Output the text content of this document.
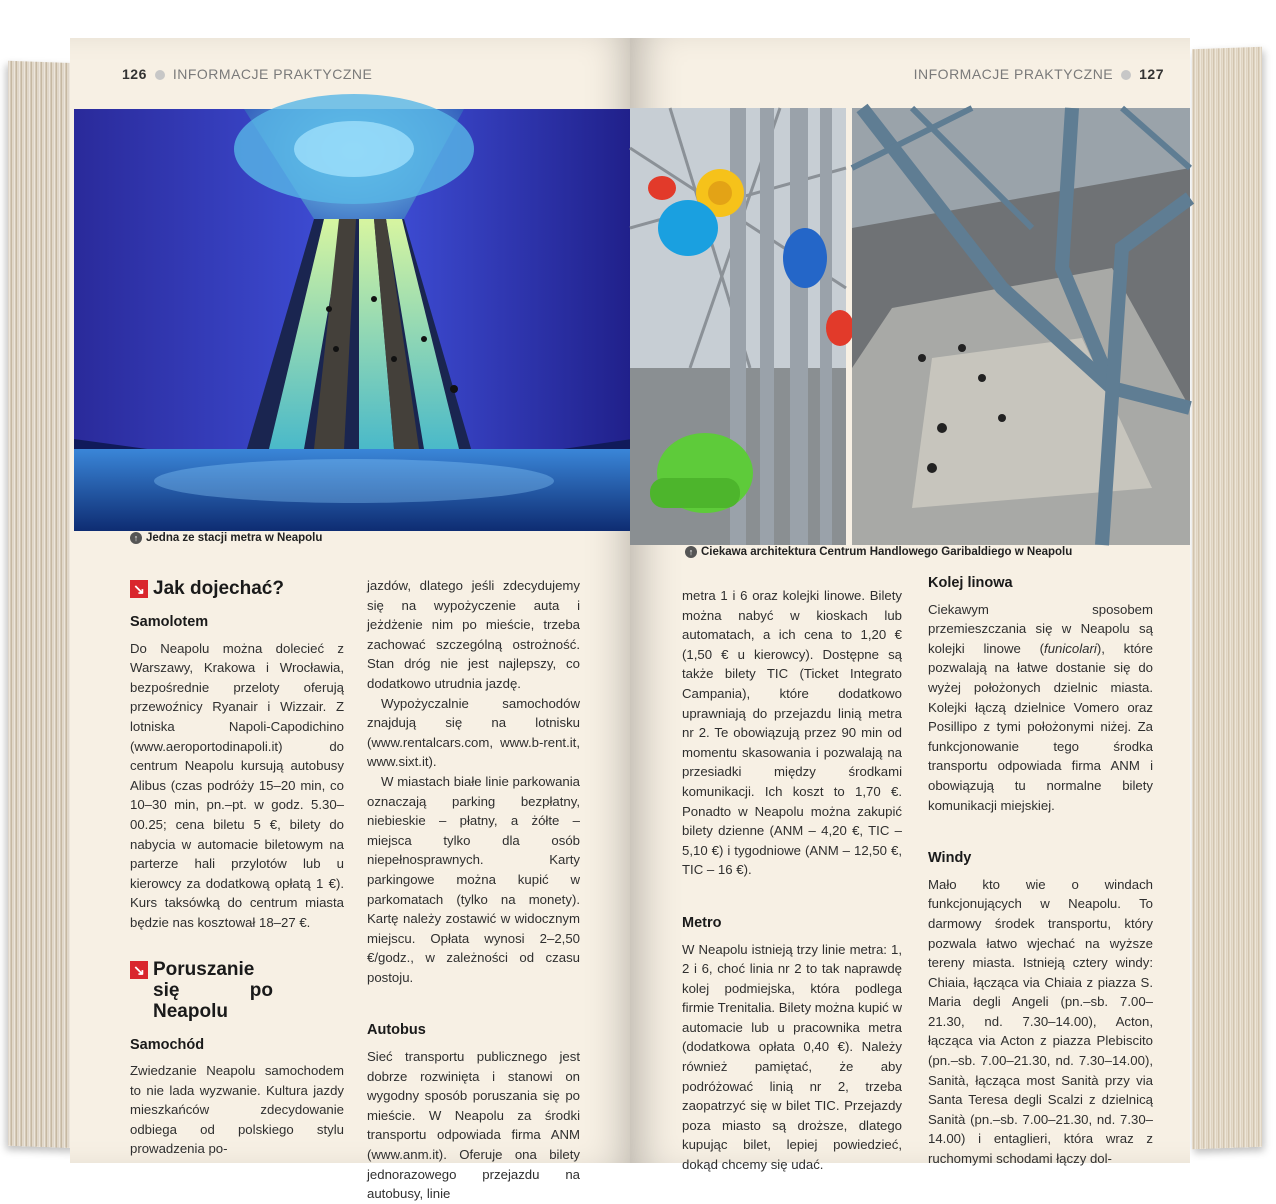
126 INFORMACJE PRAKTYCZNE
↑ Jedna ze stacji metra w Neapolu
↘ Jak dojechać?
Samolotem

Do Neapolu można dolecieć z Warszawy, Krakowa i Wrocławia, bezpośrednie przeloty oferują przewoźnicy Ryanair i Wizzair. Z lotniska Napoli-Capodichino (www.aeroportodinapoli.it) do centrum Neapolu kursują autobusy Alibus (czas podróży 15–20 min, co 10–30 min, pn.–pt. w godz. 5.30–00.25; cena biletu 5 €, bilety do nabycia w automacie biletowym na parterze hali przylotów lub u kierowcy za dodatkową opłatą 1 €). Kurs taksówką do centrum miasta będzie nas kosztował 18–27 €.

↘ Poruszanie się po Neapolu
Samochód

Zwiedzanie Neapolu samochodem to nie lada wyzwanie. Kultura jazdy mieszkańców zdecydowanie odbiega od polskiego stylu prowadzenia po-

jazdów, dlatego jeśli zdecydujemy się na wypożyczenie auta i jeżdżenie nim po mieście, trzeba zachować szczególną ostrożność. Stan dróg nie jest najlepszy, co dodatkowo utrudnia jazdę.

Wypożyczalnie samochodów znajdują się na lotnisku (www.rentalcars.com, www.b-rent.it, www.sixt.it).

W miastach białe linie parkowania oznaczają parking bezpłatny, niebieskie – płatny, a żółte – miejsca tylko dla osób niepełnosprawnych. Karty parkingowe można kupić w parkomatach (tylko na monety). Kartę należy zostawić w widocznym miejscu. Opłata wynosi 2–2,50 €/godz., w zależności od czasu postoju.

Autobus

Sieć transportu publicznego jest dobrze rozwinięta i stanowi on wygodny sposób poruszania się po mieście. W Neapolu za środki transportu odpowiada firma ANM (www.anm.it). Oferuje ona bilety jednorazowego przejazdu na autobusy, linie

INFORMACJE PRAKTYCZNE 127
↑ Ciekawa architektura Centrum Handlowego Garibaldiego w Neapolu

metra 1 i 6 oraz kolejki linowe. Bilety można nabyć w kioskach lub automatach, a ich cena to 1,20 € (1,50 € u kierowcy). Dostępne są także bilety TIC (Ticket Integrato Campania), które dodatkowo uprawniają do przejazdu linią metra nr 2. Te obowiązują przez 90 min od momentu skasowania i pozwalają na przesiadki między środkami komunikacji. Ich koszt to 1,70 €. Ponadto w Neapolu można zakupić bilety dzienne (ANM – 4,20 €, TIC – 5,10 €) i tygodniowe (ANM – 12,50 €, TIC – 16 €).

Metro

W Neapolu istnieją trzy linie metra: 1, 2 i 6, choć linia nr 2 to tak naprawdę kolej podmiejska, która podlega firmie Trenitalia. Bilety można kupić w automacie lub u pracownika metra (dodatkowa opłata 0,40 €). Należy również pamiętać, że aby podróżować linią nr 2, trzeba zaopatrzyć się w bilet TIC. Przejazdy poza miasto są droższe, dlatego kupując bilet, lepiej powiedzieć, dokąd chcemy się udać.

Kolej linowa

Ciekawym sposobem przemieszczania się w Neapolu są kolejki linowe (funicolari), które pozwalają na łatwe dostanie się do wyżej położonych dzielnic miasta. Kolejki łączą dzielnice Vomero oraz Posillipo z tymi położonymi niżej. Za funkcjonowanie tego środka transportu odpowiada firma ANM i obowiązują tu normalne bilety komunikacji miejskiej.

Windy

Mało kto wie o windach funkcjonujących w Neapolu. To darmowy środek transportu, który pozwala łatwo wjechać na wyższe tereny miasta. Istnieją cztery windy: Chiaia, łącząca via Chiaia z piazza S. Maria degli Angeli (pn.–sb. 7.00–21.30, nd. 7.30–14.00), Acton, łącząca via Acton z piazza Plebiscito (pn.–sb. 7.00–21.30, nd. 7.30–14.00), Sanità, łącząca most Sanità przy via Santa Teresa degli Scalzi z dzielnicą Sanità (pn.–sb. 7.00–21.30, nd. 7.30–14.00) i entaglieri, która wraz z ruchomymi schodami łączy dol-
